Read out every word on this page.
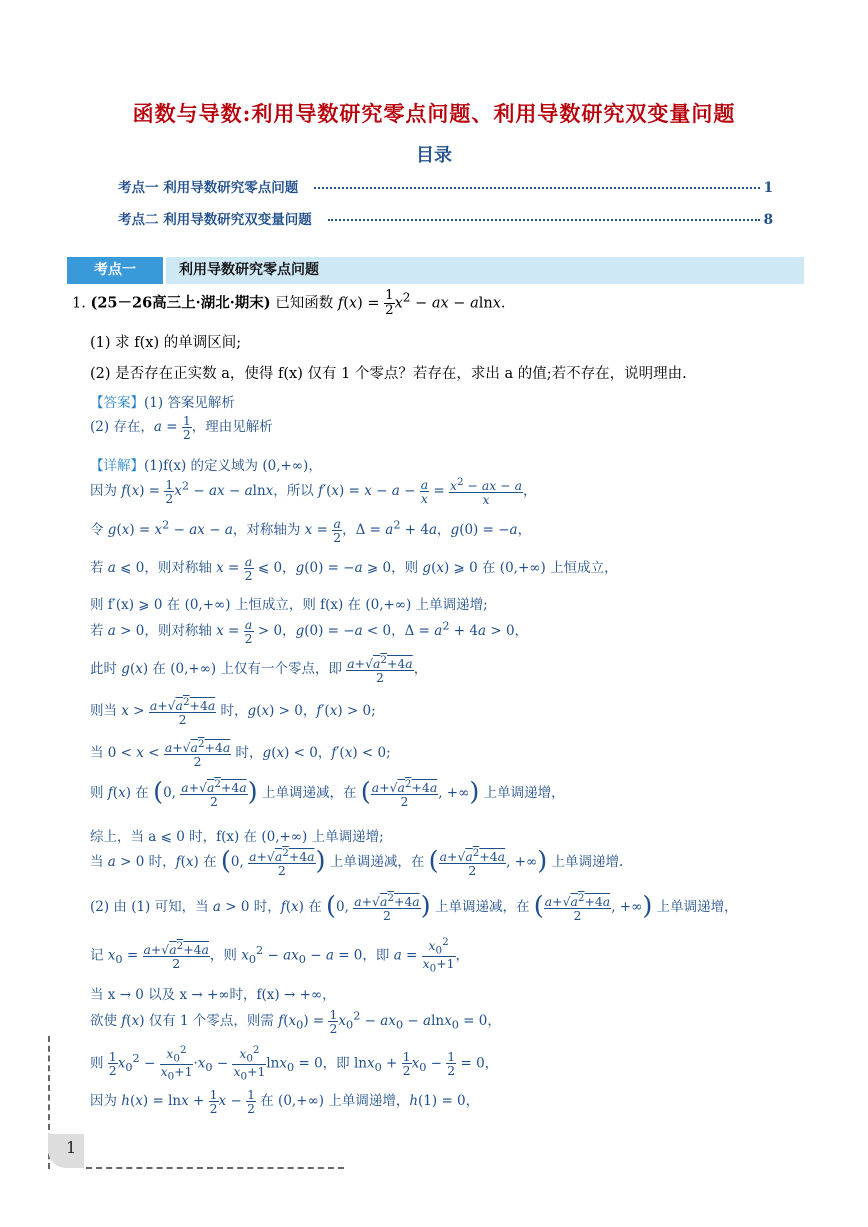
函数与导数:利用导数研究零点问题、利用导数研究双变量问题
目录
考点一 利用导数研究零点问题	1
考点二 利用导数研究双变量问题	8
考点一	利用导数研究零点问题
1. (25－26高三上·湖北·期末) 已知函数 $f(x) = \frac{1}{2} x^2$ − ax − alnx.
(1) 求 f(x) 的单调区间;
(2) 是否存在正实数 a，使得 f(x) 仅有 1 个零点？若存在，求出 a 的值;若不存在，说明理由.
【答案】(1) 答案见解析
(2) 存在，$a = \frac{1}{2}$ ，理由见解析
【详解】(1)f(x) 的定义域为 (0,+∞)，
因为 $f(x) = \frac{1}{2} x^2$ − ax − alnx，所以 $f'(x) = x - a - \frac{a}{x} = \frac{x^2 - ax - a}{x}$ ，
令 $g(x) = x^2$ − ax − a，对称轴为 $x = \frac{a}{2}$ ，$\Delta = a^2 + 4a$，g(0) = −a，
若 a ⩽ 0，则对称轴 $x = \frac{a}{2}$ ⩽ 0，g(0) = −a ⩾ 0，则 g(x) ⩾ 0 在 (0,+∞) 上恒成立，
则 f′(x) ⩾ 0 在 (0,+∞) 上恒成立，则 f(x) 在 (0,+∞) 上单调递增;
若 a > 0，则对称轴 $x = \frac{a}{2} > 0$，g(0) = −a < 0，$\Delta = a^2 + 4a > 0$，
此时 g(x) 在 (0,+∞) 上仅有一个零点，即 $\frac{a+√a^2+4a}{2}$ ，
则当 $x > \frac{a+√a^2+4a}{2}$ 时，g(x) > 0，f′(x) > 0;
当 $0 < x < \frac{a+√a^2+4a}{2}$ 时，g(x) < 0，f′(x) < 0;
则 f(x) 在 (0, $\frac{a+√a^2+4a}{2}$ ) 上单调递减，在 ( $\frac{a+√a^2+4a}{2}$ , +∞) 上单调递增，
综上，当 a ⩽ 0 时，f(x) 在 (0,+∞) 上单调递增;
当 a > 0 时，f(x) 在 (0, $\frac{a+√a^2+4a}{2}$ ) 上单调递减，在 ( $\frac{a+√a^2+4a}{2}$ , +∞) 上单调递增.
(2) 由 (1) 可知，当 a > 0 时，f(x) 在 (0, $\frac{a+√a^2+4a}{2}$ ) 上单调递减，在 ( $\frac{a+√a^2+4a}{2}$ , +∞) 上单调递增，
记 $x_0 = \frac{a+√a^2+4a}{2}$ ，则 $x_0^2 - ax_0 - a = 0$，即 $a = \frac{x_0^2}{x_0+1}$ ，
当 x → 0 以及 x → +∞时，f(x) → +∞，
欲使 f(x) 仅有 1 个零点，则需 $f(x_0) = \frac{1}{2} x_0^2 - ax_0 - alnx_0 = 0$，
则 $\frac{1}{2} x_0^2 - \frac{x_0^2}{x_0+1} \cdot x_0 - \frac{x_0^2}{x_0+1} \ln x_0 = 0$，即 $\ln x_0 + \frac{1}{2} x_0 - \frac{1}{2} = 0$，
因为 $h(x) = \ln x + \frac{1}{2}$ $x - \frac{1}{2}$ 在 (0,+∞) 上单调递增，h(1) = 0，
1
